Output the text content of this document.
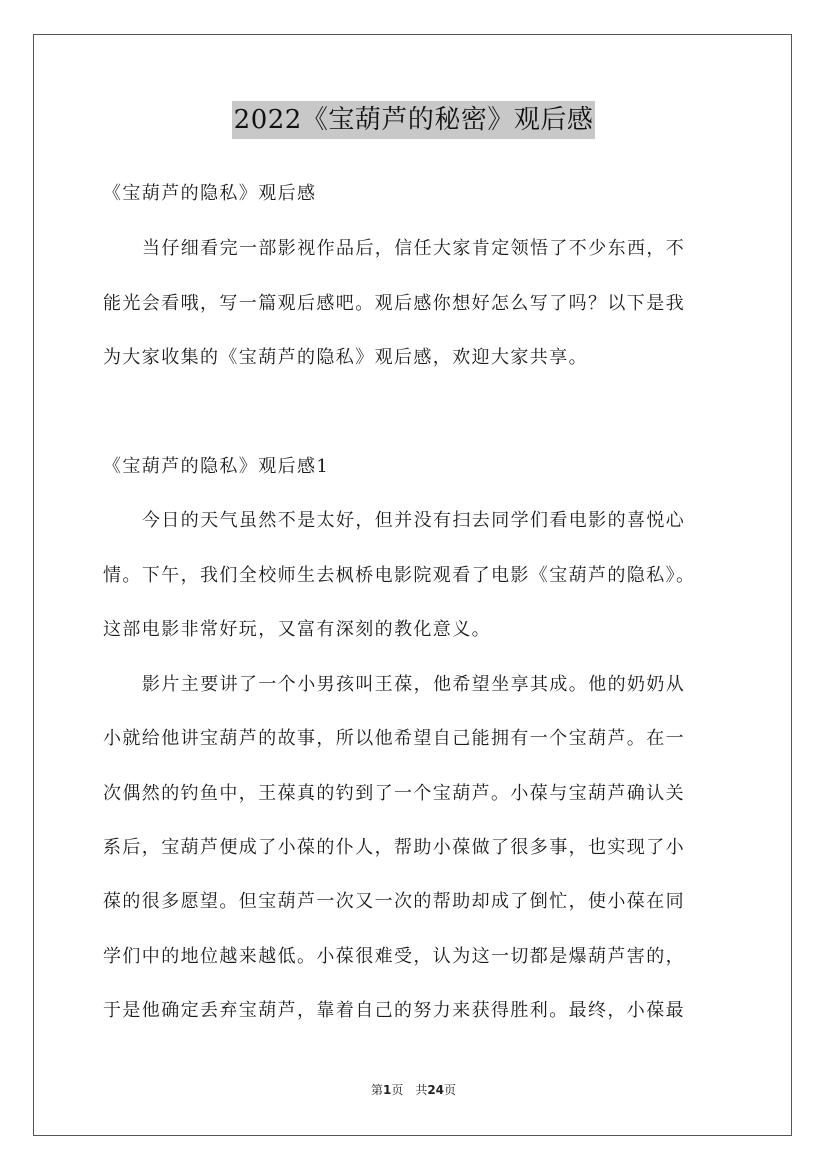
2022《宝葫芦的秘密》观后感
《宝葫芦的隐私》观后感
当仔细看完一部影视作品后，信任大家肯定领悟了不少东西，不
能光会看哦，写一篇观后感吧。观后感你想好怎么写了吗？以下是我
为大家收集的《宝葫芦的隐私》观后感，欢迎大家共享。
《宝葫芦的隐私》观后感1
今日的天气虽然不是太好，但并没有扫去同学们看电影的喜悦心
情。下午，我们全校师生去枫桥电影院观看了电影《宝葫芦的隐私》。
这部电影非常好玩，又富有深刻的教化意义。
影片主要讲了一个小男孩叫王葆，他希望坐享其成。他的奶奶从
小就给他讲宝葫芦的故事，所以他希望自己能拥有一个宝葫芦。在一
次偶然的钓鱼中，王葆真的钓到了一个宝葫芦。小葆与宝葫芦确认关
系后，宝葫芦便成了小葆的仆人，帮助小葆做了很多事，也实现了小
葆的很多愿望。但宝葫芦一次又一次的帮助却成了倒忙，使小葆在同
学们中的地位越来越低。小葆很难受，认为这一切都是爆葫芦害的，
于是他确定丢弃宝葫芦，靠着自己的努力来获得胜利。最终，小葆最
第1页　共24页
